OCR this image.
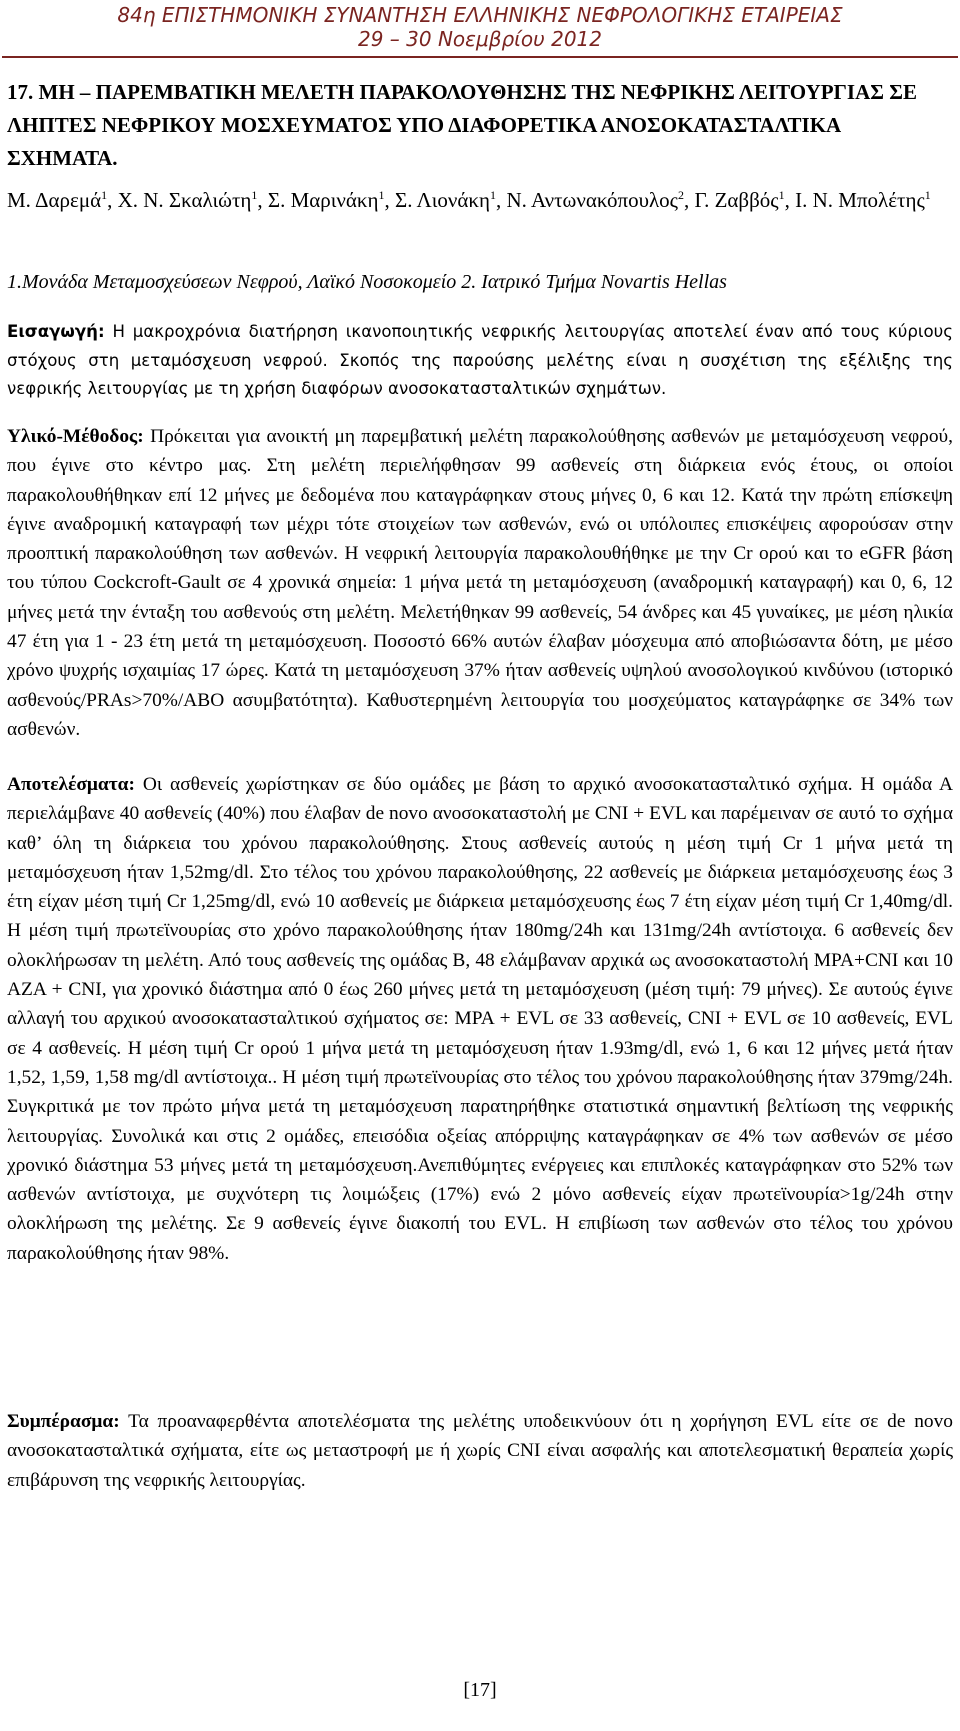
84η ΕΠΙΣΤΗΜΟΝΙΚΗ ΣΥΝΑΝΤΗΣΗ ΕΛΛΗΝΙΚΗΣ ΝΕΦΡΟΛΟΓΙΚΗΣ ΕΤΑΙΡΕΙΑΣ
29 – 30 Νοεμβρίου 2012

17. ΜΗ – ΠΑΡΕΜΒΑΤΙΚΗ ΜΕΛΕΤΗ ΠΑΡΑΚΟΛΟΥΘΗΣΗΣ ΤΗΣ ΝΕΦΡΙΚΗΣ ΛΕΙΤΟΥΡΓΙΑΣ ΣΕ ΛΗΠΤΕΣ ΝΕΦΡΙΚΟΥ ΜΟΣΧΕΥΜΑΤΟΣ ΥΠΟ ΔΙΑΦΟΡΕΤΙΚΑ ΑΝΟΣΟΚΑΤΑΣΤΑΛΤΙΚΑ ΣΧΗΜΑΤΑ.

Μ. Δαρεμά$^1$, Χ. Ν. Σκαλιώτη$^1$, Σ. Μαρινάκη$^1$, Σ. Λιονάκη$^1$, Ν. Αντωνακόπουλος$^2$, Γ. Ζαββός$^1$, Ι. Ν. Μπολέτης$^1$

1.Μονάδα Μεταμοσχεύσεων Νεφρού, Λαϊκό Νοσοκομείο 2. Ιατρικό Τμήμα Novartis Hellas

Εισαγωγή: Η μακροχρόνια διατήρηση ικανοποιητικής νεφρικής λειτουργίας αποτελεί έναν από τους κύριους στόχους στη μεταμόσχευση νεφρού. Σκοπός της παρούσης μελέτης είναι η συσχέτιση της εξέλιξης της νεφρικής λειτουργίας με τη χρήση διαφόρων ανοσοκατασταλτικών σχημάτων.

Υλικό-Μέθοδος: Πρόκειται για ανοικτή μη παρεμβατική μελέτη παρακολούθησης ασθενών με μεταμόσχευση νεφρού, που έγινε στο κέντρο μας. Στη μελέτη περιελήφθησαν 99 ασθενείς στη διάρκεια ενός έτους, οι οποίοι παρακολουθήθηκαν επί 12 μήνες με δεδομένα που καταγράφηκαν στους μήνες 0, 6 και 12. Κατά την πρώτη επίσκεψη έγινε αναδρομική καταγραφή των μέχρι τότε στοιχείων των ασθενών, ενώ οι υπόλοιπες επισκέψεις αφορούσαν στην προοπτική παρακολούθηση των ασθενών. Η νεφρική λειτουργία παρακολουθήθηκε με την Cr ορού και το eGFR βάση του τύπου Cockcroft-Gault σε 4 χρονικά σημεία: 1 μήνα μετά τη μεταμόσχευση (αναδρομική καταγραφή) και 0, 6, 12 μήνες μετά την ένταξη του ασθενούς στη μελέτη. Μελετήθηκαν 99 ασθενείς, 54 άνδρες και 45 γυναίκες, με μέση ηλικία 47 έτη για 1 - 23 έτη μετά τη μεταμόσχευση. Ποσοστό 66% αυτών έλαβαν μόσχευμα από αποβιώσαντα δότη, με μέσο χρόνο ψυχρής ισχαιμίας 17 ώρες. Κατά τη μεταμόσχευση 37% ήταν ασθενείς υψηλού ανοσολογικού κινδύνου (ιστορικό ασθενούς/PRAs>70%/ABO ασυμβατότητα). Καθυστερημένη λειτουργία του μοσχεύματος καταγράφηκε σε 34% των ασθενών.

Αποτελέσματα: Οι ασθενείς χωρίστηκαν σε δύο ομάδες με βάση το αρχικό ανοσοκατασταλτικό σχήμα. Η ομάδα Α περιελάμβανε 40 ασθενείς (40%) που έλαβαν de novo ανοσοκαταστολή με CNI + EVL και παρέμειναν σε αυτό το σχήμα καθ’ όλη τη διάρκεια του χρόνου παρακολούθησης. Στους ασθενείς αυτούς η μέση τιμή Cr 1 μήνα μετά τη μεταμόσχευση ήταν 1,52mg/dl. Στο τέλος του χρόνου παρακολούθησης, 22 ασθενείς με διάρκεια μεταμόσχευσης έως 3 έτη είχαν μέση τιμή Cr 1,25mg/dl, ενώ 10 ασθενείς με διάρκεια μεταμόσχευσης έως 7 έτη είχαν μέση τιμή Cr 1,40mg/dl. Η μέση τιμή πρωτεϊνουρίας στο χρόνο παρακολούθησης ήταν 180mg/24h και 131mg/24h αντίστοιχα. 6 ασθενείς δεν ολοκλήρωσαν τη μελέτη. Από τους ασθενείς της ομάδας Β, 48 ελάμβαναν αρχικά ως ανοσοκαταστολή MPA+CNI και 10 AZA + CNI, για χρονικό διάστημα από 0 έως 260 μήνες μετά τη μεταμόσχευση (μέση τιμή: 79 μήνες). Σε αυτούς έγινε αλλαγή του αρχικού ανοσοκατασταλτικού σχήματος σε: MPA + EVL σε 33 ασθενείς, CNI + EVL σε 10 ασθενείς, EVL σε 4 ασθενείς. Η μέση τιμή Cr ορού 1 μήνα μετά τη μεταμόσχευση ήταν 1.93mg/dl, ενώ 1, 6 και 12 μήνες μετά ήταν 1,52, 1,59, 1,58 mg/dl αντίστοιχα.. Η μέση τιμή πρωτεϊνουρίας στο τέλος του χρόνου παρακολούθησης ήταν 379mg/24h. Συγκριτικά με τον πρώτο μήνα μετά τη μεταμόσχευση παρατηρήθηκε στατιστικά σημαντική βελτίωση της νεφρικής λειτουργίας. Συνολικά και στις 2 ομάδες, επεισόδια οξείας απόρριψης καταγράφηκαν σε 4% των ασθενών σε μέσο χρονικό διάστημα 53 μήνες μετά τη μεταμόσχευση.Ανεπιθύμητες ενέργειες και επιπλοκές καταγράφηκαν στο 52% των ασθενών αντίστοιχα, με συχνότερη τις λοιμώξεις (17%) ενώ 2 μόνο ασθενείς είχαν πρωτεϊνουρία>1g/24h στην ολοκλήρωση της μελέτης. Σε 9 ασθενείς έγινε διακοπή του EVL. Η επιβίωση των ασθενών στο τέλος του χρόνου παρακολούθησης ήταν 98%.

Συμπέρασμα: Τα προαναφερθέντα αποτελέσματα της μελέτης υποδεικνύουν ότι η χορήγηση EVL είτε σε de novo ανοσοκατασταλτικά σχήματα, είτε ως μεταστροφή με ή χωρίς CNI είναι ασφαλής και αποτελεσματική θεραπεία χωρίς επιβάρυνση της νεφρικής λειτουργίας.

[17]
